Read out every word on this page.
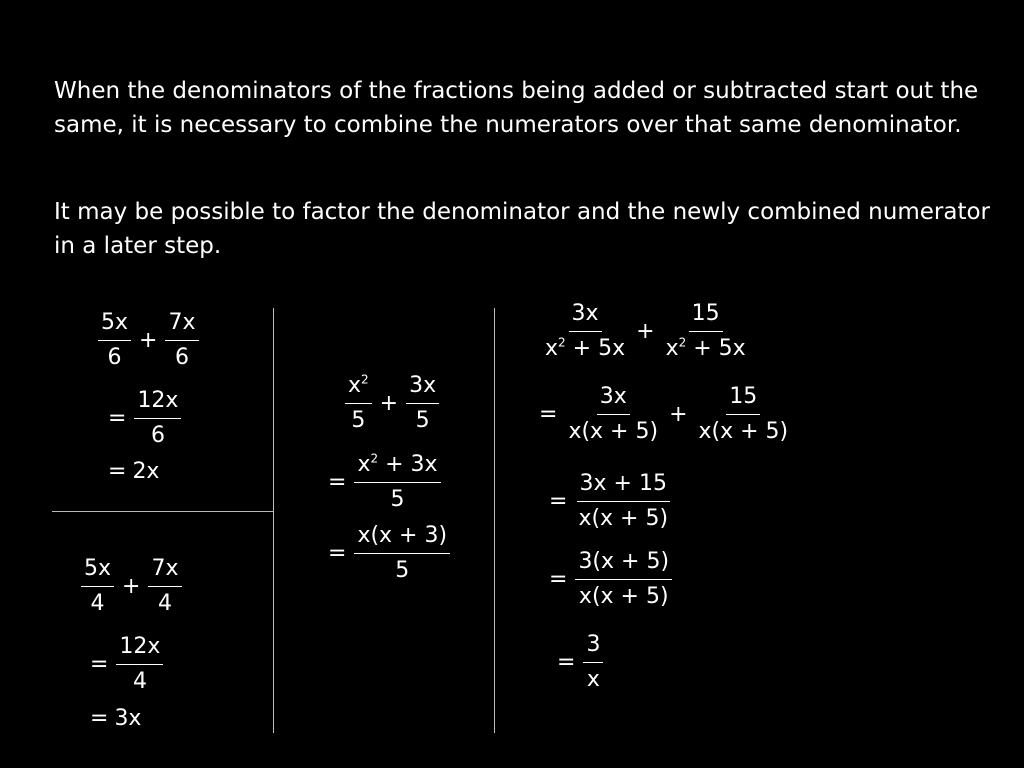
When the denominators of the fractions being added or subtracted start out the same, it is necessary to combine the numerators over that same denominator.

It may be possible to factor the denominator and the newly combined numerator in a later step.

$\frac{5x}{6} + \frac{7x}{6}$
= $\frac{12x}{6}$
= 2x
$\frac{5x}{4} + \frac{7x}{4}$
= $\frac{12x}{4}$
= 3x
$\frac{x^2}{5} + \frac{3x}{5}$
= $\frac{x^2 + 3x}{5}$
= $\frac{x(x + 3)}{5}$
$\frac{3x}{x^2 + 5x} + \frac{15}{x^2 + 5x}$
= $\frac{3x}{x(x + 5)} + \frac{15}{x(x + 5)}$
= $\frac{3x + 15}{x(x + 5)}$
= $\frac{3(x + 5)}{x(x + 5)}$
= $\frac{3}{x}$
